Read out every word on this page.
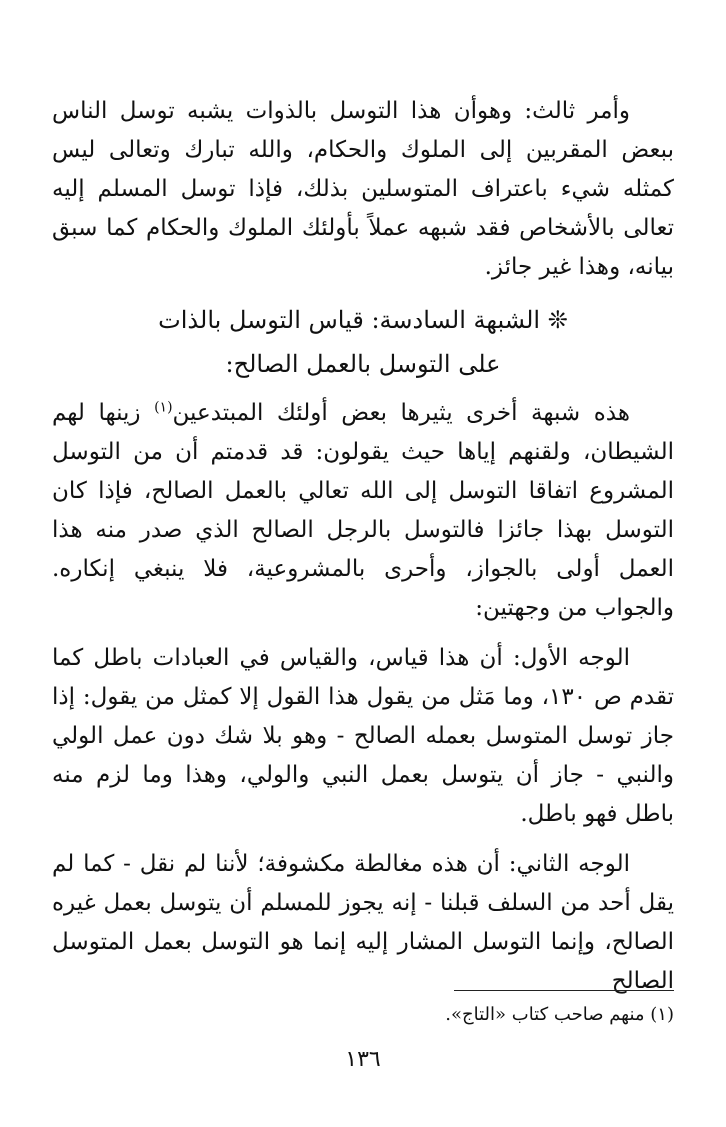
وأمر ثالث: وهوأن هذا التوسل بالذوات يشبه توسل الناس ببعض المقربين إلى الملوك والحكام، والله تبارك وتعالى ليس كمثله شيء باعتراف المتوسلين بذلك، فإذا توسل المسلم إليه تعالى بالأشخاص فقد شبهه عملاً بأولئك الملوك والحكام كما سبق بيانه، وهذا غير جائز.

❊ الشبهة السادسة: قياس التوسل بالذات

على التوسل بالعمل الصالح:

هذه شبهة أخرى يثيرها بعض أولئك المبتدعين$^{(١)}$ زينها لهم الشيطان، ولقنهم إياها حيث يقولون: قد قدمتم أن من التوسل المشروع اتفاقا التوسل إلى الله تعالي بالعمل الصالح، فإذا كان التوسل بهذا جائزا فالتوسل بالرجل الصالح الذي صدر منه هذا العمل أولى بالجواز، وأحرى بالمشروعية، فلا ينبغي إنكاره. والجواب من وجهتين:

الوجه الأول: أن هذا قياس، والقياس في العبادات باطل كما تقدم ص ١٣٠، وما مَثل من يقول هذا القول إلا كمثل من يقول: إذا جاز توسل المتوسل بعمله الصالح - وهو بلا شك دون عمل الولي والنبي - جاز أن يتوسل بعمل النبي والولي، وهذا وما لزم منه باطل فهو باطل.

الوجه الثاني: أن هذه مغالطة مكشوفة؛ لأننا لم نقل - كما لم يقل أحد من السلف قبلنا - إنه يجوز للمسلم أن يتوسل بعمل غيره الصالح، وإنما التوسل المشار إليه إنما هو التوسل بعمل المتوسل الصالح

(١) منهم صاحب كتاب «التاج».
١٣٦
